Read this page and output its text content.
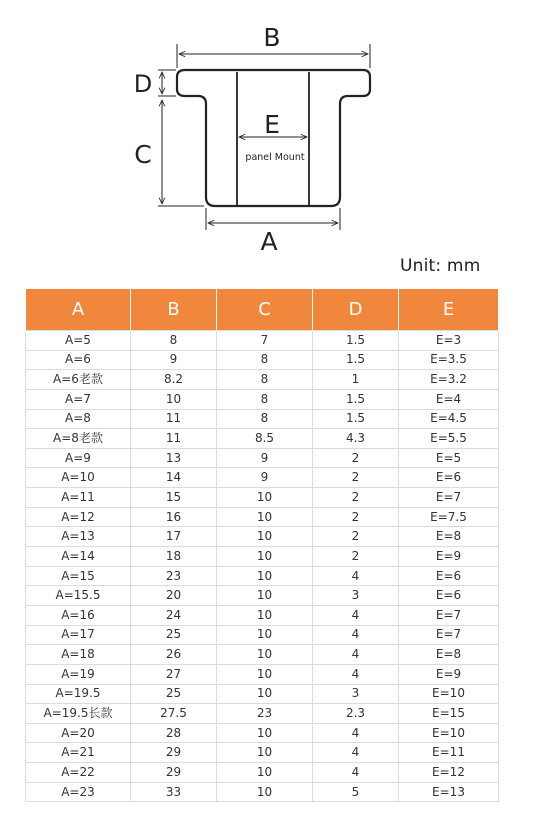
B
D
C
E
panel Mount
A
Unit: mm
A	B	C	D	E
A=5	8	7	1.5	E=3
A=6	9	8	1.5	E=3.5
A=6老款	8.2	8	1	E=3.2
A=7	10	8	1.5	E=4
A=8	11	8	1.5	E=4.5
A=8老款	11	8.5	4.3	E=5.5
A=9	13	9	2	E=5
A=10	14	9	2	E=6
A=11	15	10	2	E=7
A=12	16	10	2	E=7.5
A=13	17	10	2	E=8
A=14	18	10	2	E=9
A=15	23	10	4	E=6
A=15.5	20	10	3	E=6
A=16	24	10	4	E=7
A=17	25	10	4	E=7
A=18	26	10	4	E=8
A=19	27	10	4	E=9
A=19.5	25	10	3	E=10
A=19.5长款	27.5	23	2.3	E=15
A=20	28	10	4	E=10
A=21	29	10	4	E=11
A=22	29	10	4	E=12
A=23	33	10	5	E=13
